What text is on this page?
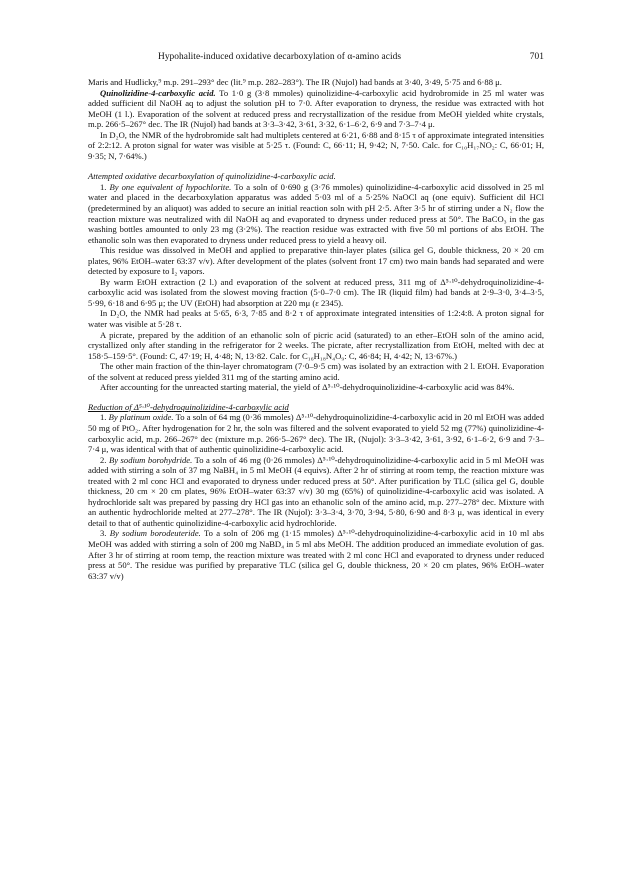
Hypohalite-induced oxidative decarboxylation of α-amino acids	701

Maris and Hudlicky,⁹ m.p. 291–293° dec (lit.⁹ m.p. 282–283°). The IR (Nujol) had bands at 3·40, 3·49, 5·75 and 6·88 μ.

Quinolizidine-4-carboxylic acid. To 1·0 g (3·8 mmoles) quinolizidine-4-carboxylic acid hydrobromide in 25 ml water was added sufficient dil NaOH aq to adjust the solution pH to 7·0. After evaporation to dryness, the residue was extracted with hot MeOH (1 l.). Evaporation of the solvent at reduced press and recrystallization of the residue from MeOH yielded white crystals, m.p. 266·5–267° dec. The IR (Nujol) had bands at 3·3–3·42, 3·61, 3·32, 6·1–6·2, 6·9 and 7·3–7·4 μ.

In D₂O, the NMR of the hydrobromide salt had multiplets centered at 6·21, 6·88 and 8·15 τ of approximate integrated intensities of 2:2:12. A proton signal for water was visible at 5·25 τ. (Found: C, 66·11; H, 9·42; N, 7·50. Calc. for C₁₀H₁₇NO₂: C, 66·01; H, 9·35; N, 7·64%.)

Attempted oxidative decarboxylation of quinolizidine-4-carboxylic acid.

1. By one equivalent of hypochlorite. To a soln of 0·690 g (3·76 mmoles) quinolizidine-4-carboxylic acid dissolved in 25 ml water and placed in the decarboxylation apparatus was added 5·03 ml of a 5·25% NaOCl aq (one equiv). Sufficient dil HCl (predetermined by an aliquot) was added to secure an initial reaction soln with pH 2·5. After 3·5 hr of stirring under a N₂ flow the reaction mixture was neutralized with dil NaOH aq and evaporated to dryness under reduced press at 50°. The BaCO₃ in the gas washing bottles amounted to only 23 mg (3·2%). The reaction residue was extracted with five 50 ml portions of abs EtOH. The ethanolic soln was then evaporated to dryness under reduced press to yield a heavy oil.

This residue was dissolved in MeOH and applied to preparative thin-layer plates (silica gel G, double thickness, 20 × 20 cm plates, 96% EtOH–water 63:37 v/v). After development of the plates (solvent front 17 cm) two main bands had separated and were detected by exposure to I₂ vapors.

By warm EtOH extraction (2 l.) and evaporation of the solvent at reduced press, 311 mg of Δ⁵·¹⁰-dehydroquinolizidine-4-carboxylic acid was isolated from the slowest moving fraction (5·0–7·0 cm). The IR (liquid film) had bands at 2·9–3·0, 3·4–3·5, 5·99, 6·18 and 6·95 μ; the UV (EtOH) had absorption at 220 mμ (ε 2345).

In D₂O, the NMR had peaks at 5·65, 6·3, 7·85 and 8·2 τ of approximate integrated intensities of 1:2:4:8. A proton signal for water was visible at 5·28 τ.

A picrate, prepared by the addition of an ethanolic soln of picric acid (saturated) to an ether–EtOH soln of the amino acid, crystallized only after standing in the refrigerator for 2 weeks. The picrate, after recrystallization from EtOH, melted with dec at 158·5–159·5°. (Found: C, 47·19; H, 4·48; N, 13·82. Calc. for C₁₆H₁₈N₄O₉: C, 46·84; H, 4·42; N, 13·67%.)

The other main fraction of the thin-layer chromatogram (7·0–9·5 cm) was isolated by an extraction with 2 l. EtOH. Evaporation of the solvent at reduced press yielded 311 mg of the starting amino acid.

After accounting for the unreacted starting material, the yield of Δ⁵·¹⁰-dehydroquinolizidine-4-carboxylic acid was 84%.

Reduction of Δ⁵·¹⁰-dehydroquinolizidine-4-carboxylic acid

1. By platinum oxide. To a soln of 64 mg (0·36 mmoles) Δ⁵·¹⁰-dehydroquinolizidine-4-carboxylic acid in 20 ml EtOH was added 50 mg of PtO₂. After hydrogenation for 2 hr, the soln was filtered and the solvent evaporated to yield 52 mg (77%) quinolizidine-4-carboxylic acid, m.p. 266–267° dec (mixture m.p. 266·5–267° dec). The IR, (Nujol): 3·3–3·42, 3·61, 3·92, 6·1–6·2, 6·9 and 7·3–7·4 μ, was identical with that of authentic quinolizidine-4-carboxylic acid.

2. By sodium borohydride. To a soln of 46 mg (0·26 mmoles) Δ⁵·¹⁰-dehydroquinolizidine-4-carboxylic acid in 5 ml MeOH was added with stirring a soln of 37 mg NaBH₄ in 5 ml MeOH (4 equivs). After 2 hr of stirring at room temp, the reaction mixture was treated with 2 ml conc HCl and evaporated to dryness under reduced press at 50°. After purification by TLC (silica gel G, double thickness, 20 cm × 20 cm plates, 96% EtOH–water 63:37 v/v) 30 mg (65%) of quinolizidine-4-carboxylic acid was isolated. A hydrochloride salt was prepared by passing dry HCl gas into an ethanolic soln of the amino acid, m.p. 277–278° dec. Mixture with an authentic hydrochloride melted at 277–278°. The IR (Nujol): 3·3–3·4, 3·70, 3·94, 5·80, 6·90 and 8·3 μ, was identical in every detail to that of authentic quinolizidine-4-carboxylic acid hydrochloride.

3. By sodium borodeuteride. To a soln of 206 mg (1·15 mmoles) Δ⁵·¹⁰-dehydroquinolizidine-4-carboxylic acid in 10 ml abs MeOH was added with stirring a soln of 200 mg NaBD₄ in 5 ml abs MeOH. The addition produced an immediate evolution of gas. After 3 hr of stirring at room temp, the reaction mixture was treated with 2 ml conc HCl and evaporated to dryness under reduced press at 50°. The residue was purified by preparative TLC (silica gel G, double thickness, 20 × 20 cm plates, 96% EtOH–water 63:37 v/v)
